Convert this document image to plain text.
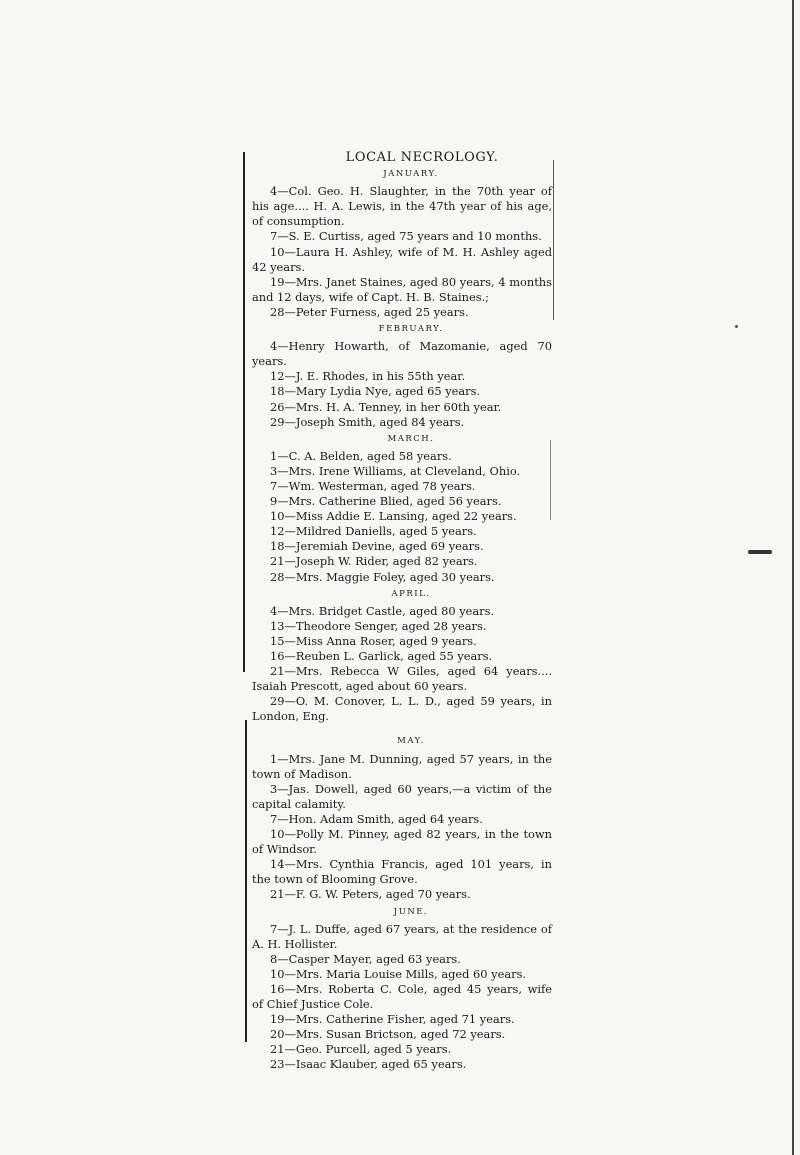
LOCAL NECROLOGY.
JANUARY.

4—Col. Geo. H. Slaughter, in the 70th year of his age.... H. A. Lewis, in the 47th year of his age, of consumption.

7—S. E. Curtiss, aged 75 years and 10 months.

10—Laura H. Ashley, wife of M. H. Ashley aged 42 years.

19—Mrs. Janet Staines, aged 80 years, 4 months and 12 days, wife of Capt. H. B. Staines.;

28—Peter Furness, aged 25 years.

FEBRUARY.

4—Henry Howarth, of Mazomanie, aged 70 years.

12—J. E. Rhodes, in his 55th year.

18—Mary Lydia Nye, aged 65 years.

26—Mrs. H. A. Tenney, in her 60th year.

29—Joseph Smith, aged 84 years.

MARCH.

1—C. A. Belden, aged 58 years.

3—Mrs. Irene Williams, at Cleveland, Ohio.

7—Wm. Westerman, aged 78 years.

9—Mrs. Catherine Blied, aged 56 years.

10—Miss Addie E. Lansing, aged 22 years.

12—Mildred Daniells, aged 5 years.

18—Jeremiah Devine, aged 69 years.

21—Joseph W. Rider, aged 82 years.

28—Mrs. Maggie Foley, aged 30 years.

APRIL.

4—Mrs. Bridget Castle, aged 80 years.

13—Theodore Senger, aged 28 years.

15—Miss Anna Roser, aged 9 years.

16—Reuben L. Garlick, aged 55 years.

21—Mrs. Rebecca W Giles, aged 64 years.... Isaiah Prescott, aged about 60 years.

29—O. M. Conover, L. L. D., aged 59 years, in London, Eng.

MAY.

1—Mrs. Jane M. Dunning, aged 57 years, in the town of Madison.

3—Jas. Dowell, aged 60 years,—a victim of the capital calamity.

7—Hon. Adam Smith, aged 64 years.

10—Polly M. Pinney, aged 82 years, in the town of Windsor.

14—Mrs. Cynthia Francis, aged 101 years, in the town of Blooming Grove.

21—F. G. W. Peters, aged 70 years.

JUNE.

7—J. L. Duffe, aged 67 years, at the residence of A. H. Hollister.

8—Casper Mayer, aged 63 years.

10—Mrs. Maria Louise Mills, aged 60 years.

16—Mrs. Roberta C. Cole, aged 45 years, wife of Chief Justice Cole.

19—Mrs. Catherine Fisher, aged 71 years.

20—Mrs. Susan Brictson, aged 72 years.

21—Geo. Purcell, aged 5 years.

23—Isaac Klauber, aged 65 years.
